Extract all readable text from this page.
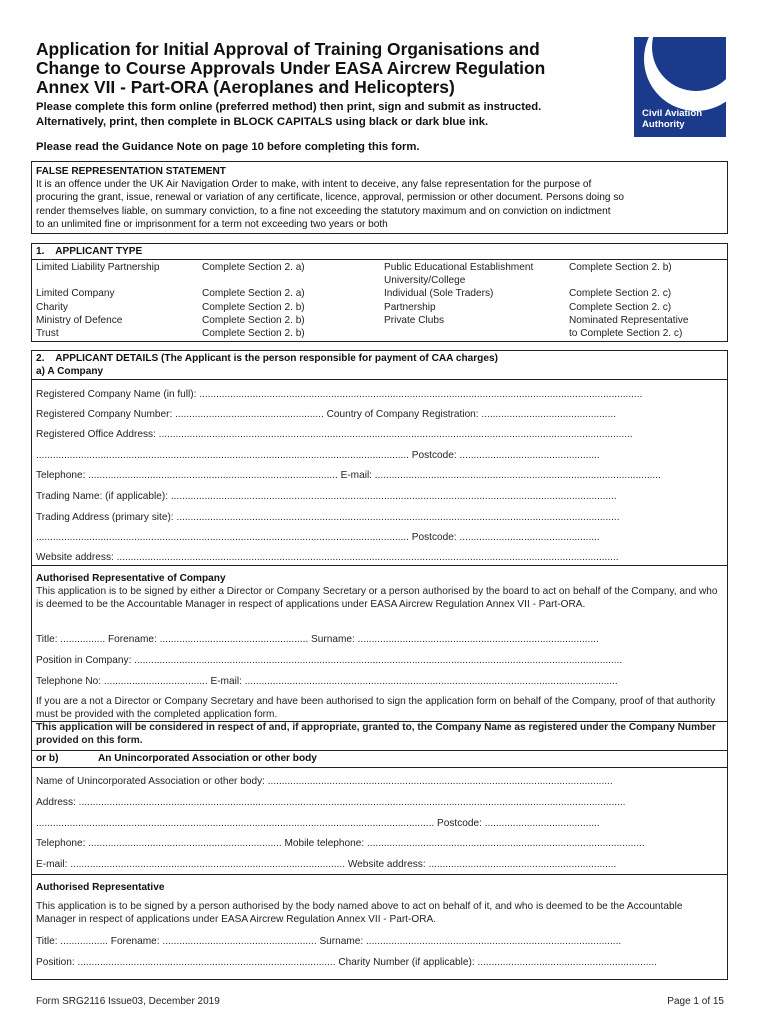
Application for Initial Approval of Training Organisations and
Change to Course Approvals Under EASA Aircrew Regulation
Annex VII - Part-ORA (Aeroplanes and Helicopters)
Please complete this form online (preferred method) then print, sign and submit as instructed.
Alternatively, print, then complete in BLOCK CAPITALS using black or dark blue ink.
Please read the Guidance Note on page 10 before completing this form.
Civil Aviation
Authority
FALSE REPRESENTATION STATEMENT
It is an offence under the UK Air Navigation Order to make, with intent to deceive, any false representation for the purpose of
procuring the grant, issue, renewal or variation of any certificate, licence, approval, permission or other document. Persons doing so
render themselves liable, on summary conviction, to a fine not exceeding the statutory maximum and on conviction on indictment
to an unlimited fine or imprisonment for a term not exceeding two years or both
1.    APPLICANT TYPE
Limited Liability Partnership
Limited Company
Charity
Ministry of Defence
Trust
Complete Section 2. a)
Complete Section 2. a)
Complete Section 2. b)
Complete Section 2. b)
Complete Section 2. b)
Public Educational Establishment
University/College
Individual (Sole Traders)
Partnership
Private Clubs
Complete Section 2. b)
Complete Section 2. c)
Complete Section 2. c)
Nominated Representative
to Complete Section 2. c)
2.    APPLICANT DETAILS (The Applicant is the person responsible for payment of CAA charges)
a) A Company
Registered Company Name (in full): ..............................................................................................................................................................
Registered Company Number: ..................................................... Country of Company Registration: ................................................
Registered Office Address: .........................................................................................................................................................................
..................................................................................................................................... Postcode: ..................................................
Telephone: ......................................................................................... E-mail: ......................................................................................................
Trading Name: (if applicable): ...............................................................................................................................................................
Trading Address (primary site): ..............................................................................................................................................................
..................................................................................................................................... Postcode: ..................................................
Website address: ...................................................................................................................................................................................
Authorised Representative of Company
This application is to be signed by either a Director or Company Secretary or a person authorised by the board to act on behalf of the Company, and who is deemed to be the Accountable Manager in respect of applications under EASA Aircrew Regulation Annex VII - Part-ORA.
Title: ................ Forename: ..................................................... Surname: ......................................................................................
Position in Company: ..............................................................................................................................................................................
Telephone No: ..................................... E-mail: .....................................................................................................................................
If you are a not a Director or Company Secretary and have been authorised to sign the application form on behalf of the Company, proof of that authority must be provided with the completed application form.
This application will be considered in respect of and, if appropriate, granted to, the Company Name as registered under the Company Number provided on this form.
or b)	An Unincorporated Association or other body
Name of Unincorporated Association or other body: ...........................................................................................................................
Address: ...................................................................................................................................................................................................
.............................................................................................................................................. Postcode: .........................................
Telephone: ..................................................................... Mobile telephone: ...................................................................................................
E-mail: .................................................................................................. Website address: ...................................................................
Authorised Representative
This application is to be signed by a person authorised by the body named above to act on behalf of it, and who is deemed to be the Accountable Manager in respect of applications under EASA Aircrew Regulation Annex VII - Part-ORA.
Title: ................. Forename: ....................................................... Surname: ...........................................................................................
Position: ............................................................................................ Charity Number (if applicable): ................................................................
Form SRG2116 Issue03, December 2019	Page 1 of 15
